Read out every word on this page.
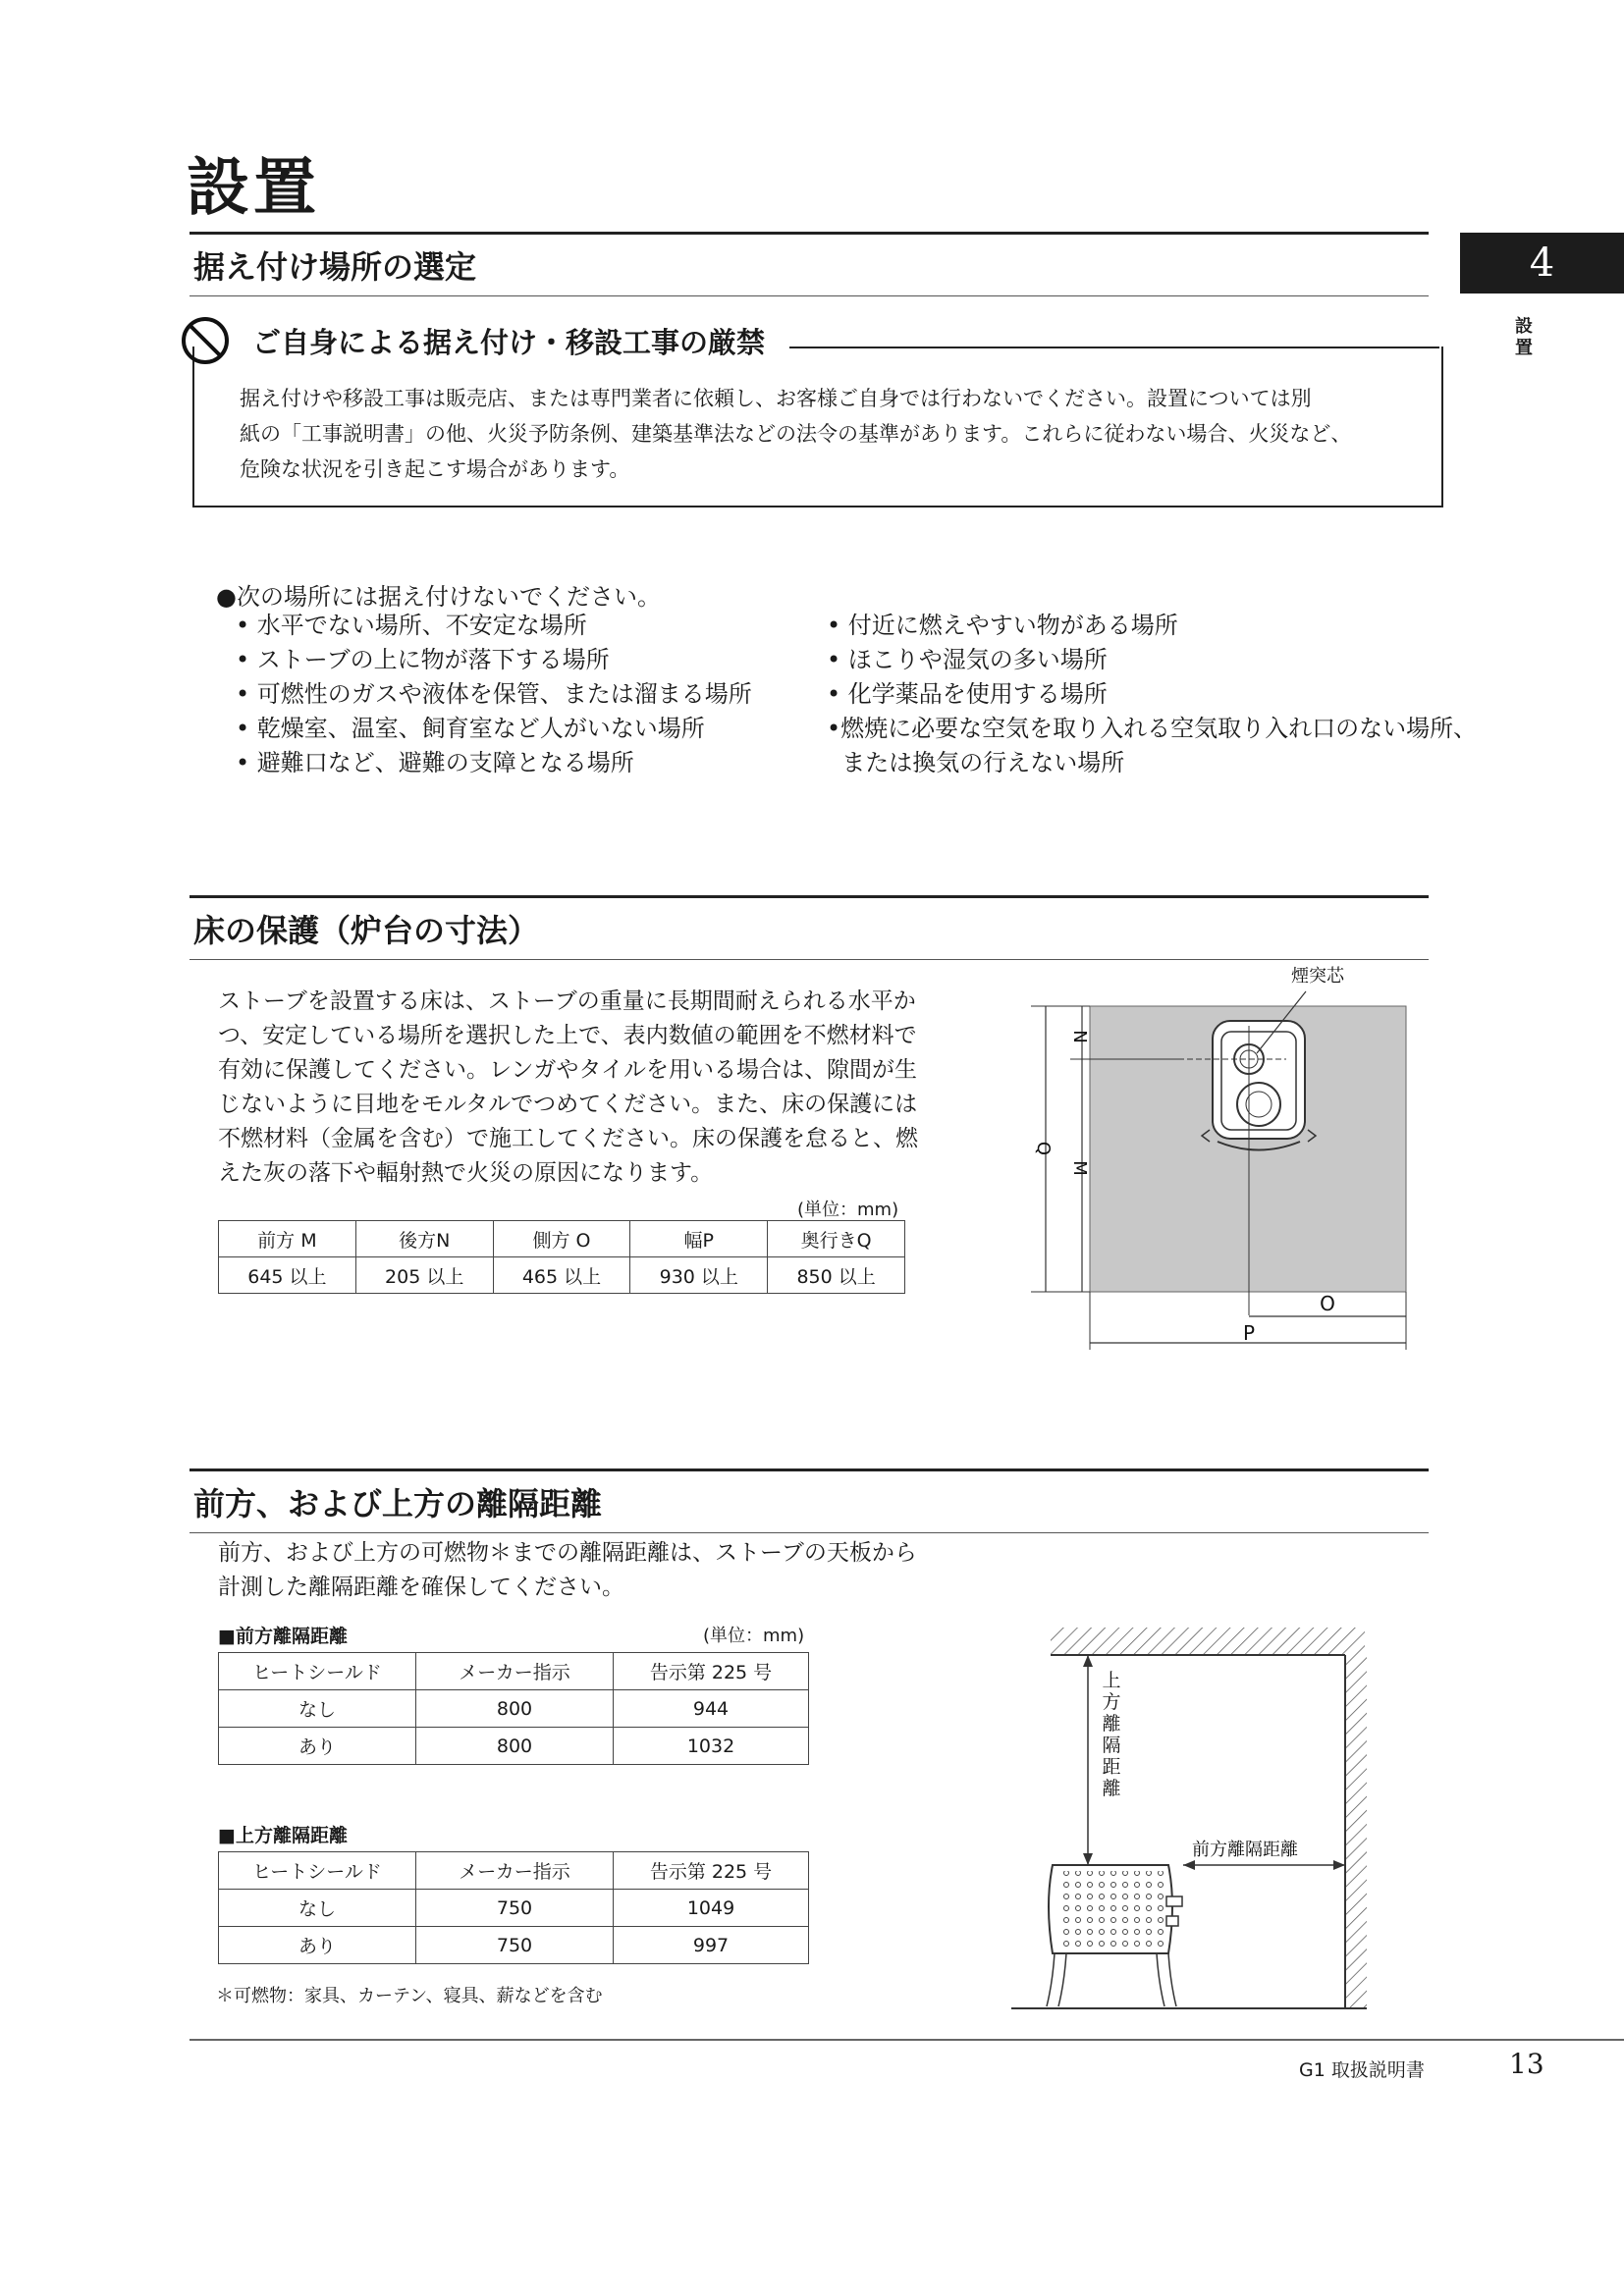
設置
4
設
置
据え付け場所の選定
ご自身による据え付け・移設工事の厳禁
据え付けや移設工事は販売店、または専門業者に依頼し、お客様ご自身では行わないでください。設置については別
紙の「工事説明書」の他、火災予防条例、建築基準法などの法令の基準があります。これらに従わない場合、火災など、
危険な状況を引き起こす場合があります。
●次の場所には据え付けないでください。
• 水平でない場所、不安定な場所
• ストーブの上に物が落下する場所
• 可燃性のガスや液体を保管、または溜まる場所
• 乾燥室、温室、飼育室など人がいない場所
• 避難口など、避難の支障となる場所
• 付近に燃えやすい物がある場所
• ほこりや湿気の多い場所
• 化学薬品を使用する場所
•燃焼に必要な空気を取り入れる空気取り入れ口のない場所、
または換気の行えない場所
床の保護（炉台の寸法）
ストーブを設置する床は、ストーブの重量に長期間耐えられる水平か
つ、安定している場所を選択した上で、表内数値の範囲を不燃材料で
有効に保護してください。レンガやタイルを用いる場合は、隙間が生
じないように目地をモルタルでつめてください。また、床の保護には
不燃材料（金属を含む）で施工してください。床の保護を怠ると、燃
えた灰の落下や輻射熱で火災の原因になります。
(単位：mm)
前方 M	後方N	側方 O	幅P	奥行きQ
645 以上	205 以上	465 以上	930 以上	850 以上
煙突芯
N
M
Q
O
P
前方、および上方の離隔距離
前方、および上方の可燃物＊までの離隔距離は、ストーブの天板から
計測した離隔距離を確保してください。
■前方離隔距離	(単位：mm)
ヒートシールド	メーカー指示	告示第 225 号
なし	800	944
あり	800	1032
■上方離隔距離
ヒートシールド	メーカー指示	告示第 225 号
なし	750	1049
あり	750	997
＊可燃物：家具、カーテン、寝具、薪などを含む
上
方
離
隔
距
離
前方離隔距離
G1 取扱説明書	13
